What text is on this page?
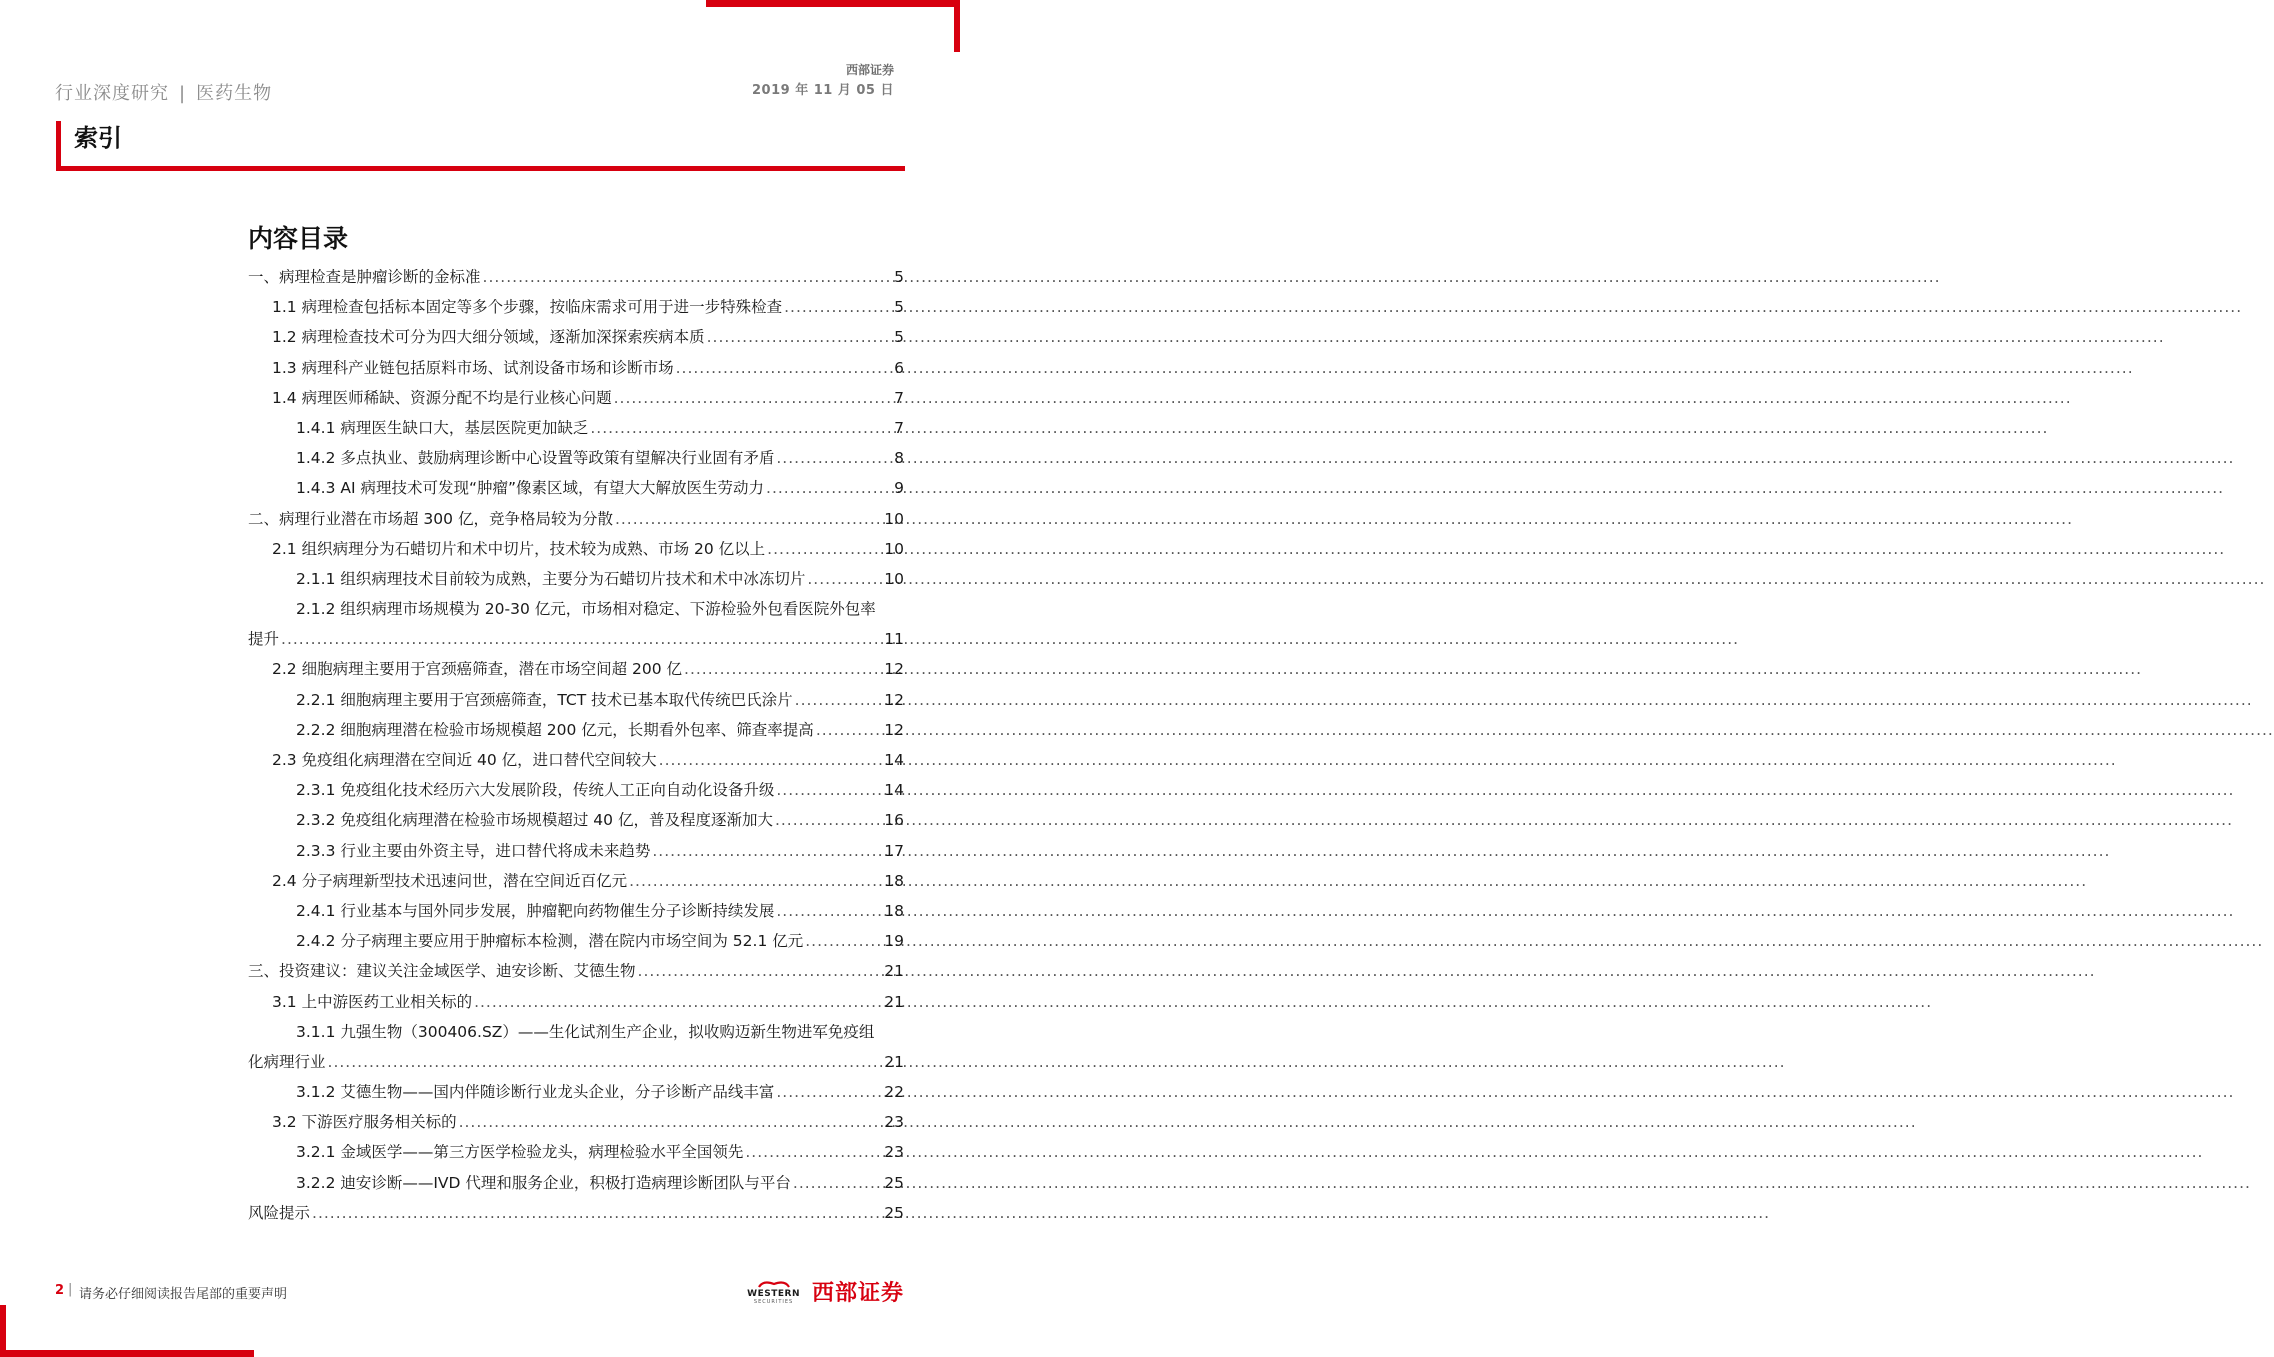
行业深度研究 | 医药生物
西部证券
2019 年 11 月 05 日
索引
内容目录
一、病理检查是肿瘤诊断的金标准 .....	5
1.1 病理检查包括标本固定等多个步骤，按临床需求可用于进一步特殊检查 .....	5
1.2 病理检查技术可分为四大细分领域，逐渐加深探索疾病本质 .....	5
1.3 病理科产业链包括原料市场、试剂设备市场和诊断市场 .....	6
1.4 病理医师稀缺、资源分配不均是行业核心问题 .....	7
1.4.1 病理医生缺口大，基层医院更加缺乏 .....	7
1.4.2 多点执业、鼓励病理诊断中心设置等政策有望解决行业固有矛盾 .....	8
1.4.3 AI 病理技术可发现“肿瘤”像素区域，有望大大解放医生劳动力 .....	9
二、病理行业潜在市场超 300 亿，竞争格局较为分散 .....	10
2.1 组织病理分为石蜡切片和术中切片，技术较为成熟、市场 20 亿以上 .....	10
2.1.1 组织病理技术目前较为成熟，主要分为石蜡切片技术和术中冰冻切片 .....	10
2.1.2 组织病理市场规模为 20-30 亿元，市场相对稳定、下游检验外包看医院外包率
提升 .....	11
2.2 细胞病理主要用于宫颈癌筛查，潜在市场空间超 200 亿 .....	12
2.2.1 细胞病理主要用于宫颈癌筛查，TCT 技术已基本取代传统巴氏涂片 .....	12
2.2.2 细胞病理潜在检验市场规模超 200 亿元，长期看外包率、筛查率提高 .....	12
2.3 免疫组化病理潜在空间近 40 亿，进口替代空间较大 .....	14
2.3.1 免疫组化技术经历六大发展阶段，传统人工正向自动化设备升级 .....	14
2.3.2 免疫组化病理潜在检验市场规模超过 40 亿，普及程度逐渐加大 .....	16
2.3.3 行业主要由外资主导，进口替代将成未来趋势 .....	17
2.4 分子病理新型技术迅速问世，潜在空间近百亿元 .....	18
2.4.1 行业基本与国外同步发展，肿瘤靶向药物催生分子诊断持续发展 .....	18
2.4.2 分子病理主要应用于肿瘤标本检测，潜在院内市场空间为 52.1 亿元 .....	19
三、投资建议：建议关注金域医学、迪安诊断、艾德生物 .....	21
3.1 上中游医药工业相关标的 .....	21
3.1.1 九强生物（300406.SZ）——生化试剂生产企业，拟收购迈新生物进军免疫组
化病理行业 .....	21
3.1.2 艾德生物——国内伴随诊断行业龙头企业，分子诊断产品线丰富 .....	22
3.2 下游医疗服务相关标的 .....	23
3.2.1 金域医学——第三方医学检验龙头，病理检验水平全国领先 .....	23
3.2.2 迪安诊断——IVD 代理和服务企业，积极打造病理诊断团队与平台 .....	25
风险提示 .....	25
2 | 请务必仔细阅读报告尾部的重要声明	WESTERN
SECURITIES 西部证券
